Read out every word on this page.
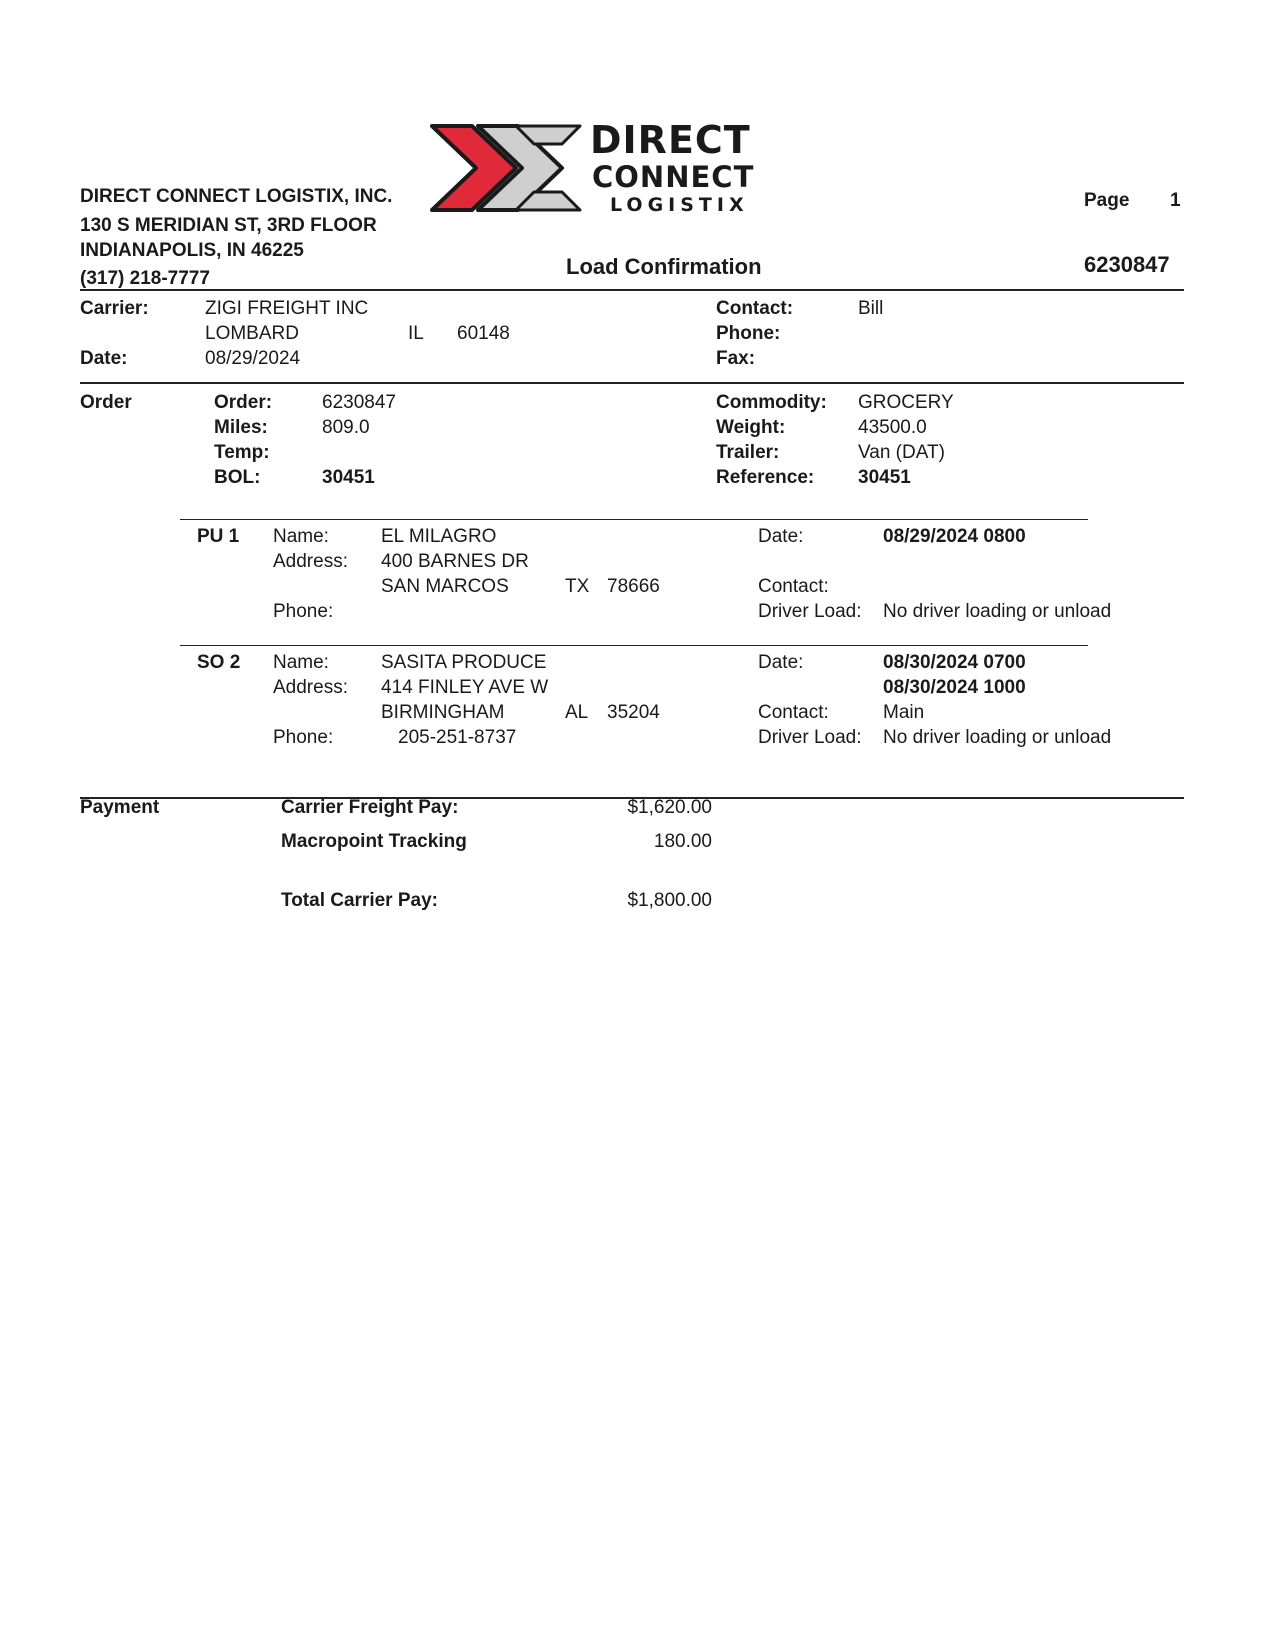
DIRECT
CONNECT
LOGISTIX
DIRECT CONNECT LOGISTIX, INC.
130 S MERIDIAN ST, 3RD FLOOR
INDIANAPOLIS, IN 46225
(317) 218-7777
Page 1
Load Confirmation	6230847
Carrier:	ZIGI FREIGHT INC
LOMBARD	IL 60148
Date:	08/29/2024
Contact:	Bill
Phone:
Fax:
Order	Order:	6230847
Miles:	809.0
Temp:
BOL:	30451
Commodity: GROCERY
Weight:	43500.0
Trailer:	Van (DAT)
Reference: 30451
PU 1 Name:	EL MILAGRO
Address: 400 BARNES DR
SAN MARCOS	TX 78666
Phone:
Date:	08/29/2024 0800
Contact:
Driver Load: No driver loading or unload
SO 2 Name:	SASITA PRODUCE
Address: 414 FINLEY AVE W
BIRMINGHAM	AL 35204
Phone:	205-251-8737
Date:	08/30/2024 0700
08/30/2024 1000
Contact:	Main
Driver Load: No driver loading or unload
Payment	Carrier Freight Pay:	$1,620.00
Macropoint Tracking	180.00
Total Carrier Pay:	$1,800.00
